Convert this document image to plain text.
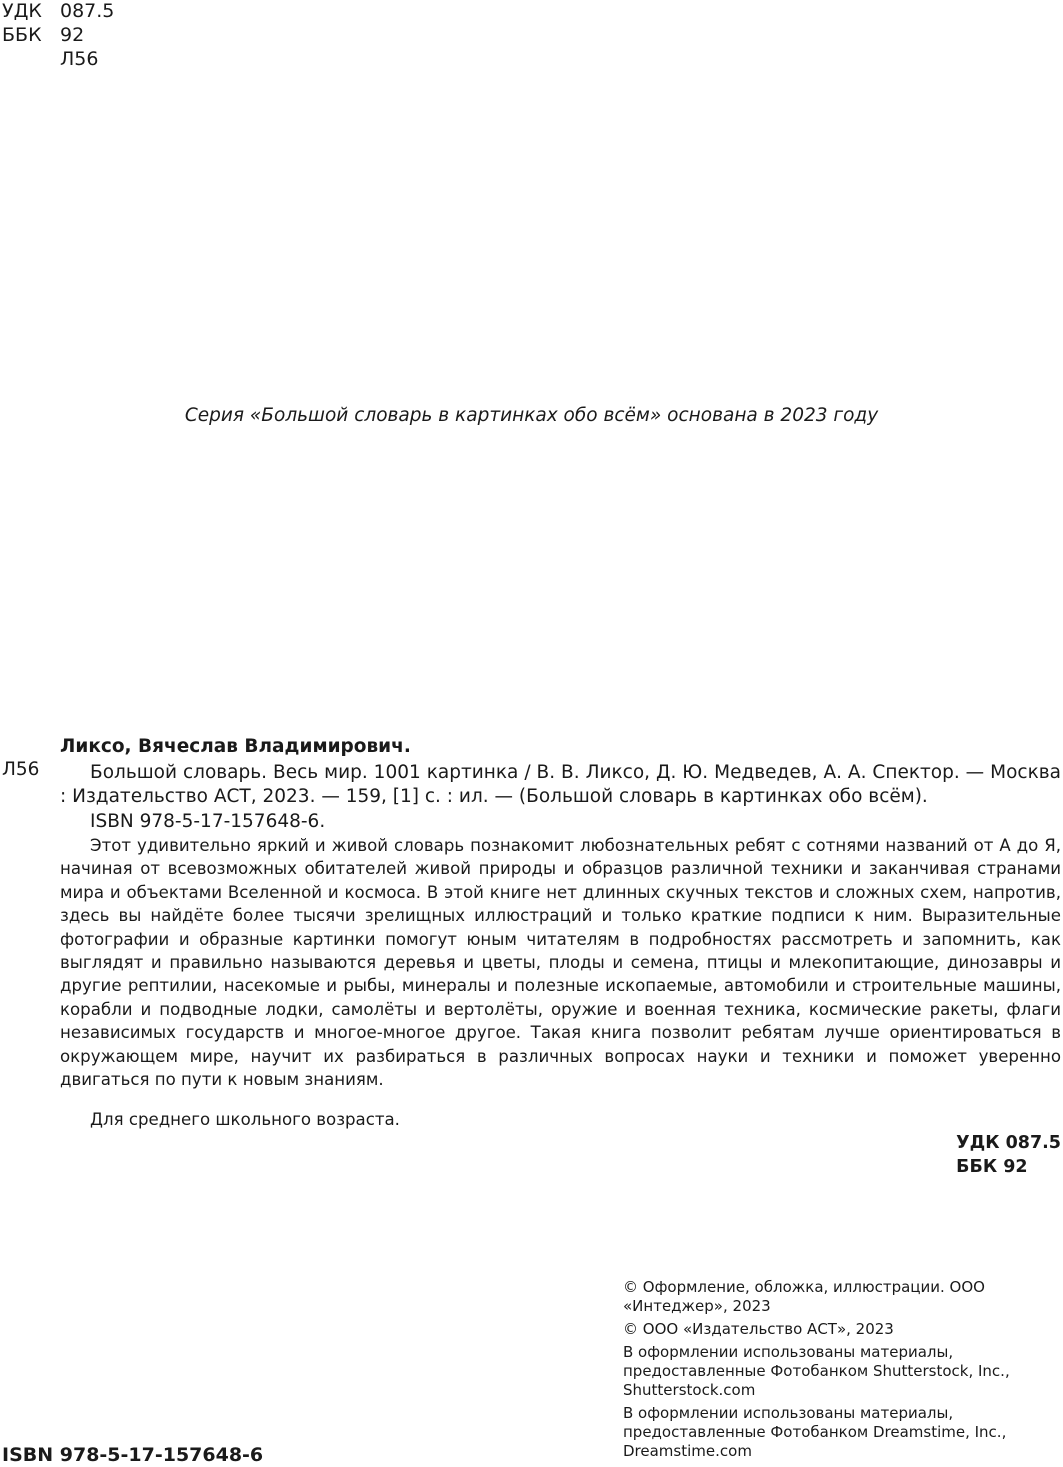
УДК 087.5
ББК 92
Л56
Серия «Большой словарь в картинках обо всём» основана в 2023 году
Л56
Ликсо, Вячеслав Владимирович.

Большой словарь. Весь мир. 1001 картинка / В. В. Ликсо, Д. Ю. Медведев, А. А. Спектор. — Москва : Издательство АСТ, 2023. — 159, [1] с. : ил. — (Большой словарь в картинках обо всём).

ISBN 978-5-17-157648-6.
Этот удивительно яркий и живой словарь познакомит любознательных ребят с сотнями названий от А до Я, начиная от всевозможных обитателей живой природы и образцов различной техники и заканчивая странами мира и объектами Вселенной и космоса. В этой книге нет длинных скучных текстов и сложных схем, напротив, здесь вы найдёте более тысячи зрелищных иллюстраций и только краткие подписи к ним. Выразительные фотографии и образные картинки помогут юным читателям в подробностях рассмотреть и запомнить, как выглядят и правильно называются деревья и цветы, плоды и семена, птицы и млекопитающие, динозавры и другие рептилии, насекомые и рыбы, минералы и полезные ископаемые, автомобили и строительные машины, корабли и подводные лодки, самолёты и вертолёты, оружие и военная техника, космические ракеты, флаги независимых государств и многое-многое другое. Такая книга позволит ребятам лучше ориентироваться в окружающем мире, научит их разбираться в различных вопросах науки и техники и поможет уверенно двигаться по пути к новым знаниям.
Для среднего школьного возраста.
УДК 087.5
ББК 92

© Оформление, обложка, иллюстрации. ООО «Интеджер», 2023

© ООО «Издательство АСТ», 2023

В оформлении использованы материалы, предоставленные Фотобанком Shutterstock, Inc., Shutterstock.com

В оформлении использованы материалы, предоставленные Фотобанком Dreamstime, Inc., Dreamstime.com

ISBN 978-5-17-157648-6
